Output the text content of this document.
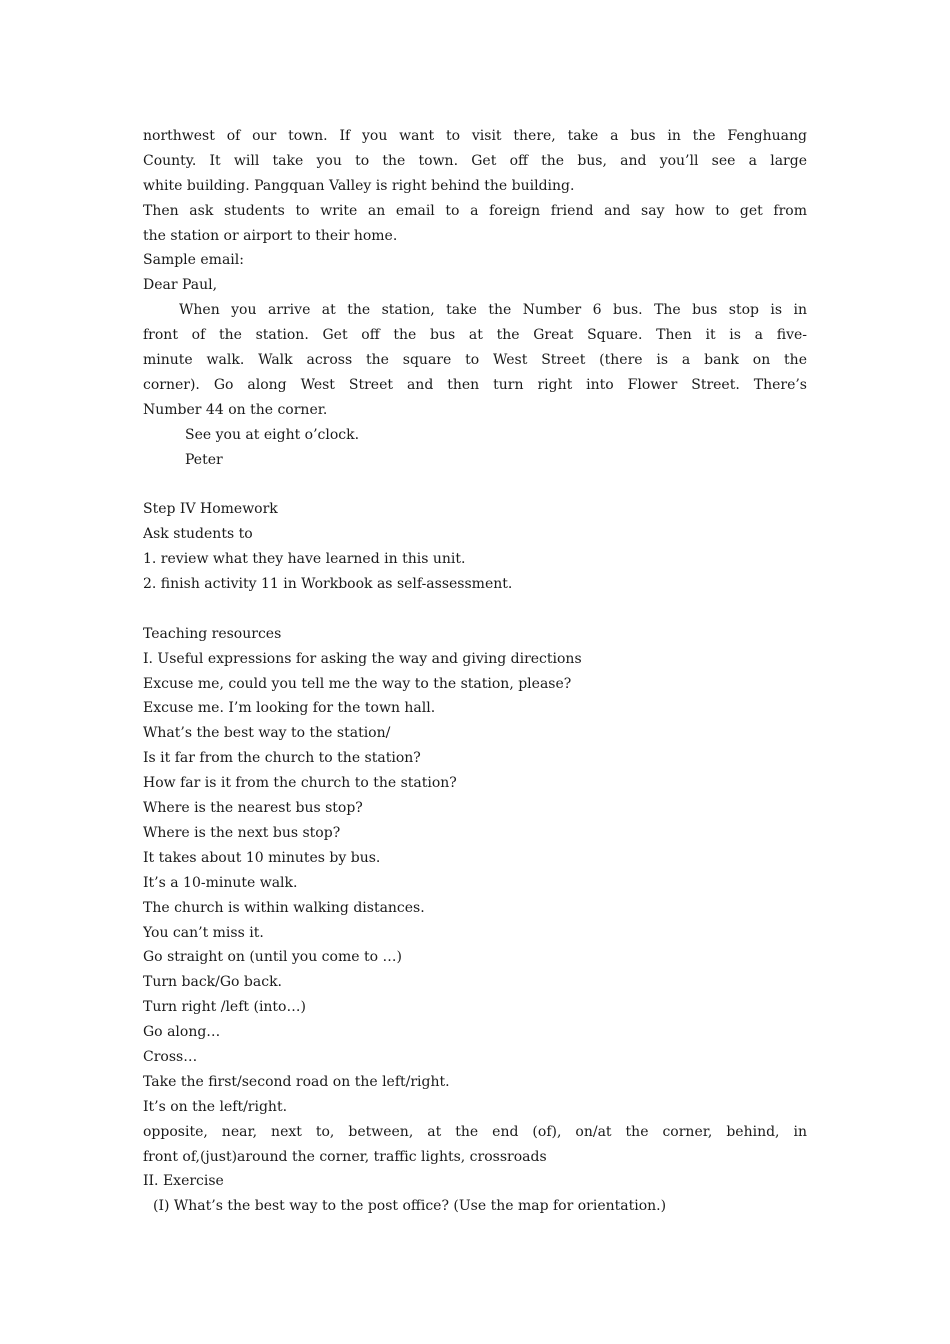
northwest of our town. If you want to visit there, take a bus in the Fenghuang
County. It will take you to the town. Get off the bus, and you’ll see a large
white building. Pangquan Valley is right behind the building.
Then ask students to write an email to a foreign friend and say how to get from
the station or airport to their home.
Sample email:
Dear Paul,
When you arrive at the station, take the Number 6 bus. The bus stop is in
front of the station. Get off the bus at the Great Square. Then it is a five-
minute walk. Walk across the square to West Street (there is a bank on the
corner). Go along West Street and then turn right into Flower Street. There’s
Number 44 on the corner.
See you at eight o’clock.
Peter
Step IV Homework
Ask students to
1. review what they have learned in this unit.
2. finish activity 11 in Workbook as self-assessment.
Teaching resources
I. Useful expressions for asking the way and giving directions
Excuse me, could you tell me the way to the station, please?
Excuse me. I’m looking for the town hall.
What’s the best way to the station/
Is it far from the church to the station?
How far is it from the church to the station?
Where is the nearest bus stop?
Where is the next bus stop?
It takes about 10 minutes by bus.
It’s a 10-minute walk.
The church is within walking distances.
You can’t miss it.
Go straight on (until you come to …)
Turn back/Go back.
Turn right /left (into…)
Go along…
Cross…
Take the first/second road on the left/right.
It’s on the left/right.
opposite, near, next to, between, at the end (of), on/at the corner, behind, in
front of,(just)around the corner, traffic lights, crossroads
II. Exercise
(I) What’s the best way to the post office? (Use the map for orientation.)
